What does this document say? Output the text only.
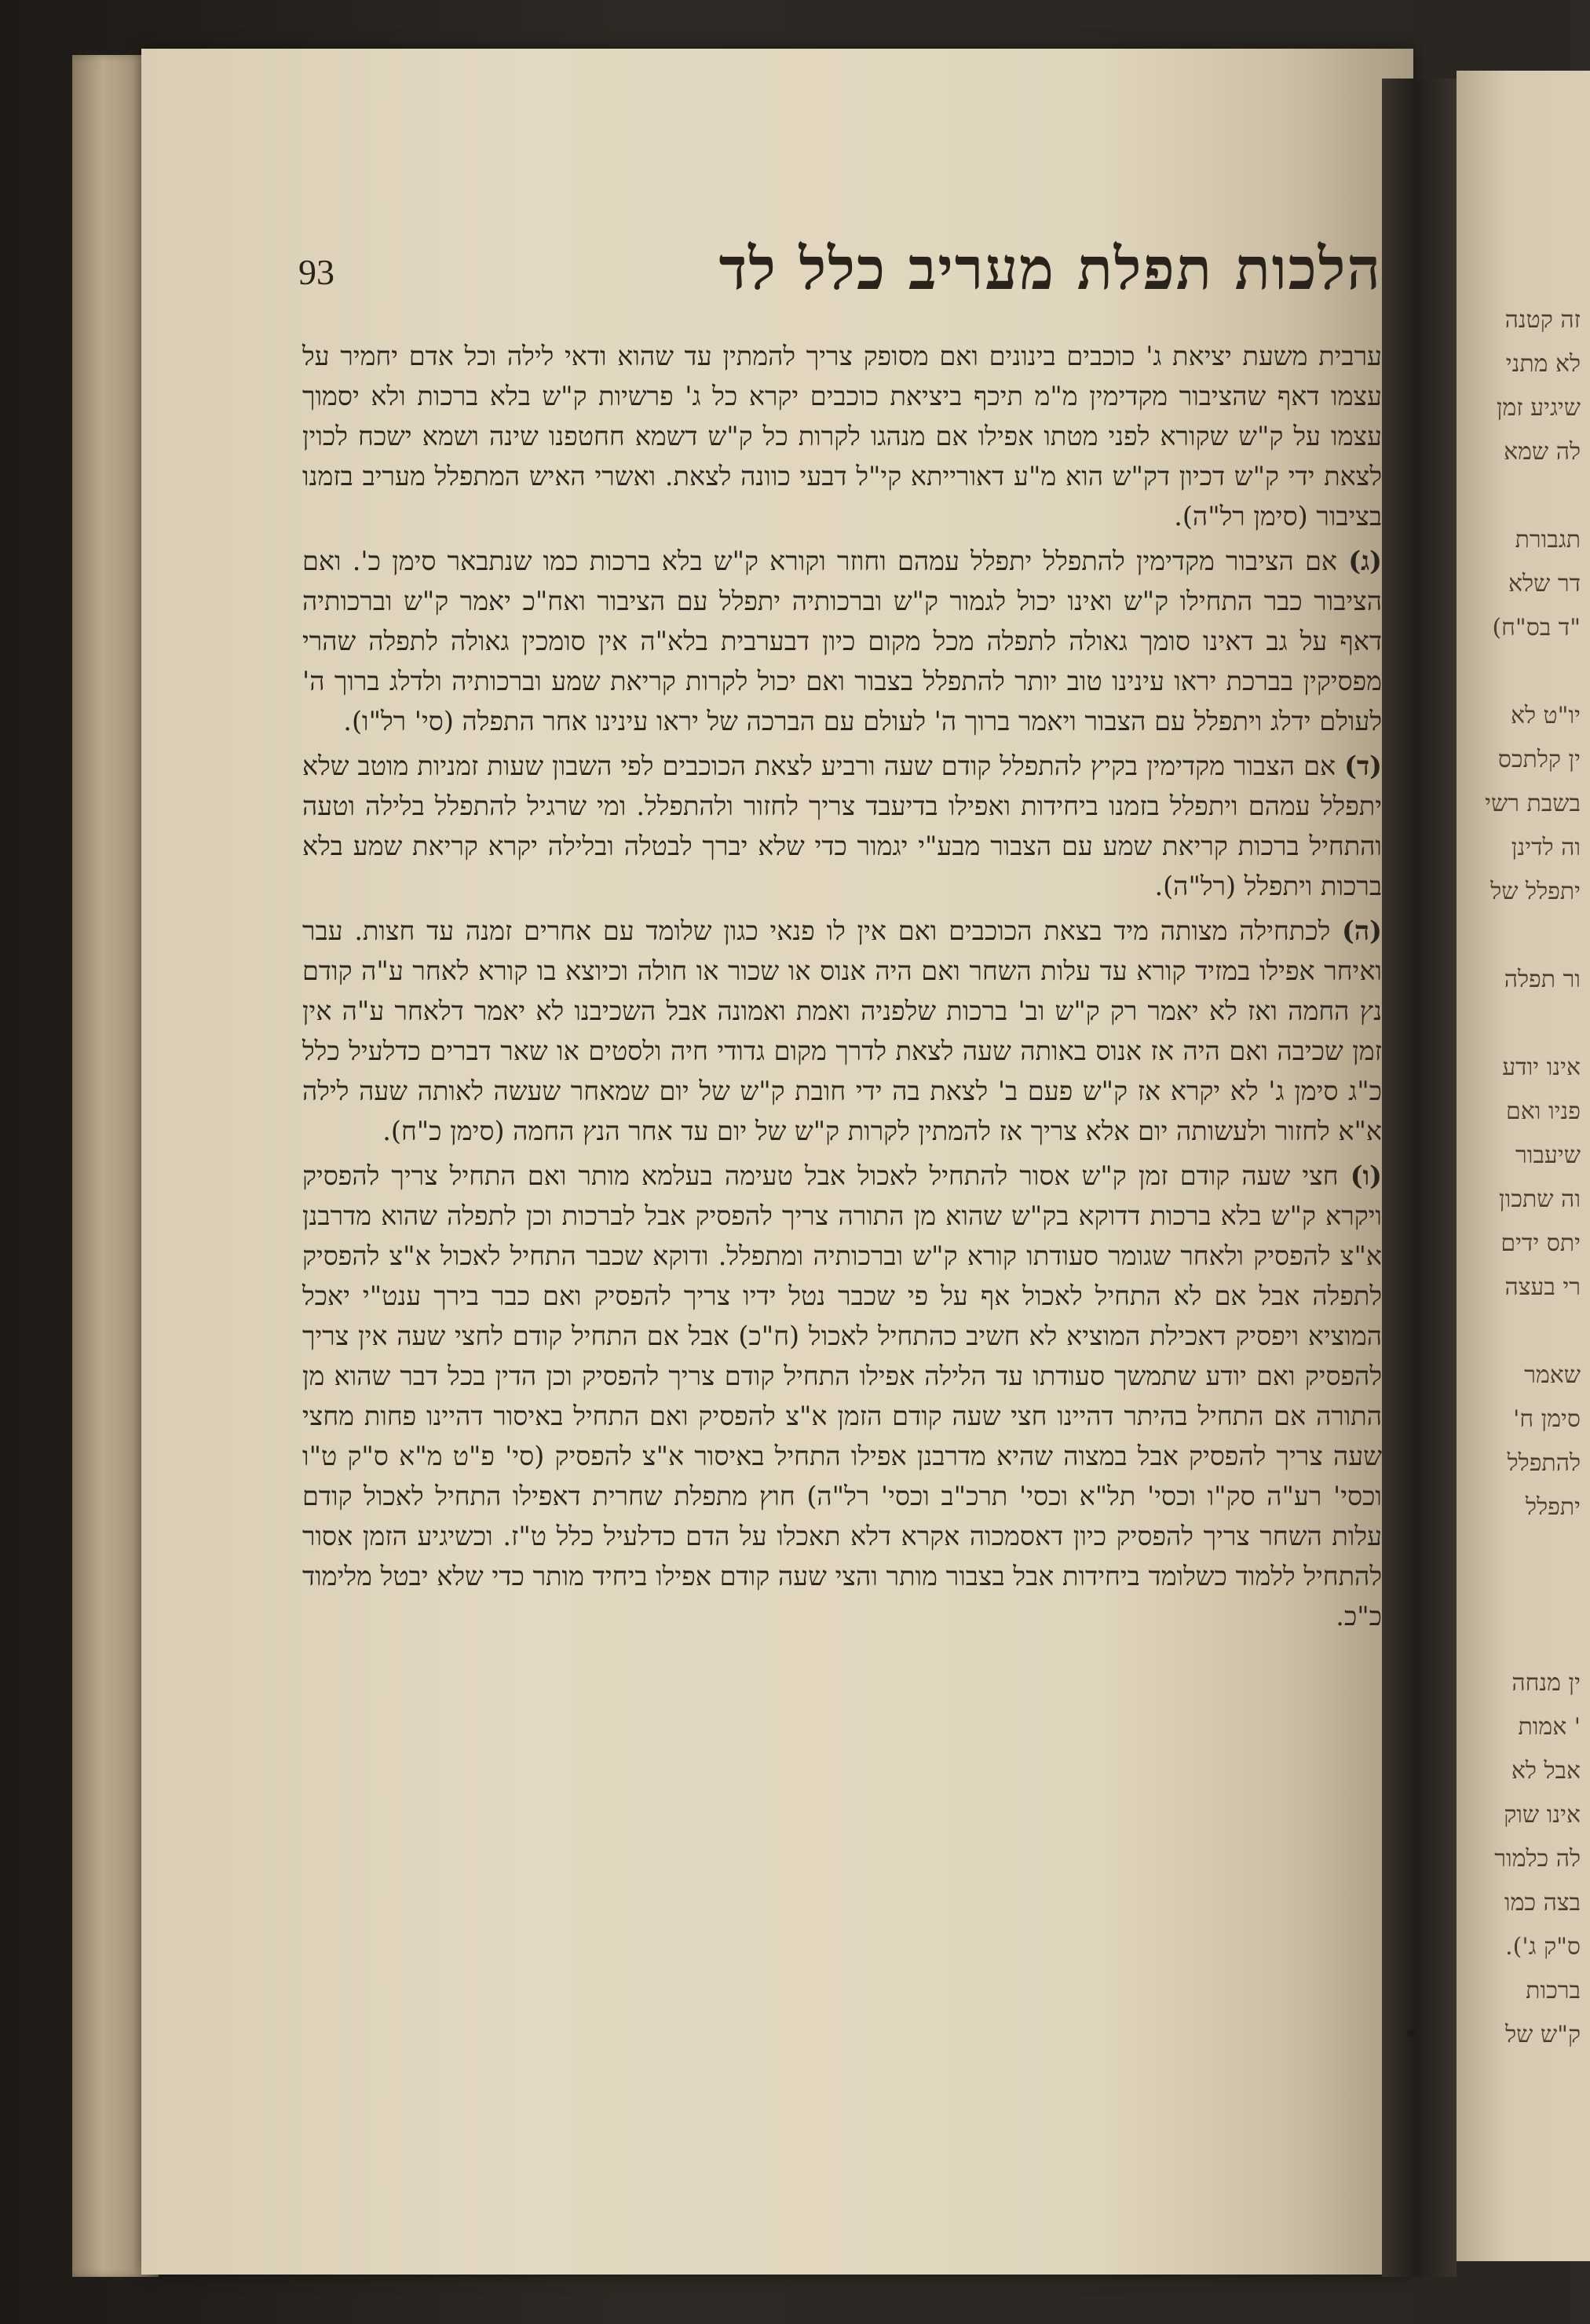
זה קטנה
לא מתני
שיגיע זמן
לה שמא
תגבורת
דר שלא
"ד בס"ח)
יו"ט לא
ין קלתכס
בשבת רשי
וה לדינן
יתפלל של
ור תפלה
אינו יודע
פניו ואם
שיעבור
וה שתכון
יתס ידים
רי בעצה
שאמר
סימן ח'
להתפלל
יתפלל
ין מנחה
' אמות
אבל לא
אינו שוק
לה כלמור
בצה כמו
ס"ק ג').
ברכות
ק"ש של
93	הלכות תפלת מעריב כלל לד

ערבית משעת יציאת ג' כוכבים בינונים ואם מסופק צריך להמתין עד שהוא ודאי לילה וכל אדם יחמיר על עצמו דאף שהציבור מקדימין מ"מ תיכף ביציאת כוכבים יקרא כל ג' פרשיות ק"ש בלא ברכות ולא יסמוך עצמו על ק"ש שקורא לפני מטתו אפילו אם מנהגו לקרות כל ק"ש דשמא חחטפנו שינה ושמא ישכח לכוין לצאת ידי ק"ש דכיון דק"ש הוא מ"ע דאורייתא קי"ל דבעי כוונה לצאת. ואשרי האיש המתפלל מעריב בזמנו בציבור (סימן רל"ה).

(ג) אם הציבור מקדימין להתפלל יתפלל עמהם וחוזר וקורא ק"ש בלא ברכות כמו שנתבאר סימן כ'. ואם הציבור כבר התחילו ק"ש ואינו יכול לגמור ק"ש וברכותיה יתפלל עם הציבור ואח"כ יאמר ק"ש וברכותיה דאף על גב דאינו סומך גאולה לתפלה מכל מקום כיון דבערבית בלא"ה אין סומכין גאולה לתפלה שהרי מפסיקין בברכת יראו עינינו טוב יותר להתפלל בצבור ואם יכול לקרות קריאת שמע וברכותיה ולדלג ברוך ה' לעולם ידלג ויתפלל עם הצבור ויאמר ברוך ה' לעולם עם הברכה של יראו עינינו אחר התפלה (סי' רל"ו).

(ד) אם הצבור מקדימין בקיץ להתפלל קודם שעה ורביע לצאת הכוכבים לפי השבון שעות זמניות מוטב שלא יתפלל עמהם ויתפלל בזמנו ביחידות ואפילו בדיעבד צריך לחזור ולהתפלל. ומי שרגיל להתפלל בלילה וטעה והתחיל ברכות קריאת שמע עם הצבור מבע"י יגמור כדי שלא יברך לבטלה ובלילה יקרא קריאת שמע בלא ברכות ויתפלל (רל"ה).

(ה) לכתחילה מצותה מיד בצאת הכוכבים ואם אין לו פנאי כגון שלומד עם אחרים זמנה עד חצות. עבר ואיחר אפילו במזיד קורא עד עלות השחר ואם היה אנוס או שכור או חולה וכיוצא בו קורא לאחר ע"ה קודם נץ החמה ואז לא יאמר רק ק"ש וב' ברכות שלפניה ואמת ואמונה אבל השכיבנו לא יאמר דלאחר ע"ה אין זמן שכיבה ואם היה אז אנוס באותה שעה לצאת לדרך מקום גדודי חיה ולסטים או שאר דברים כדלעיל כלל כ"ג סימן ג' לא יקרא אז ק"ש פעם ב' לצאת בה ידי חובת ק"ש של יום שמאחר שעשה לאותה שעה לילה א"א לחזור ולעשותה יום אלא צריך אז להמתין לקרות ק"ש של יום עד אחר הנץ החמה (סימן כ"ח).

(ו) חצי שעה קודם זמן ק"ש אסור להתחיל לאכול אבל טעימה בעלמא מותר ואם התחיל צריך להפסיק ויקרא ק"ש בלא ברכות דדוקא בק"ש שהוא מן התורה צריך להפסיק אבל לברכות וכן לתפלה שהוא מדרבנן א"צ להפסיק ולאחר שגומר סעודתו קורא ק"ש וברכותיה ומתפלל. ודוקא שכבר התחיל לאכול א"צ להפסיק לתפלה אבל אם לא התחיל לאכול אף על פי שכבר נטל ידיו צריך להפסיק ואם כבר בירך ענט"י יאכל המוציא ויפסיק דאכילת המוציא לא חשיב כהתחיל לאכול (ח"כ) אבל אם התחיל קודם לחצי שעה אין צריך להפסיק ואם יודע שתמשך סעודתו עד הלילה אפילו התחיל קודם צריך להפסיק וכן הדין בכל דבר שהוא מן התורה אם התחיל בהיתר דהיינו חצי שעה קודם הזמן א"צ להפסיק ואם התחיל באיסור דהיינו פחות מחצי שעה צריך להפסיק אבל במצוה שהיא מדרבנן אפילו התחיל באיסור א"צ להפסיק (סי' פ"ט מ"א ס"ק ט"ו וכסי' רע"ה סק"ו וכסי' תל"א וכסי' תרכ"ב וכסי' רל"ה) חוץ מתפלת שחרית דאפילו התחיל לאכול קודם עלות השחר צריך להפסיק כיון דאסמכוה אקרא דלא תאכלו על הדם כדלעיל כלל ט"ז. וכשיגיע הזמן אסור להתחיל ללמוד כשלומד ביחידות אבל בצבור מותר והצי שעה קודם אפילו ביחיד מותר כדי שלא יבטל מלימוד כ"כ.
